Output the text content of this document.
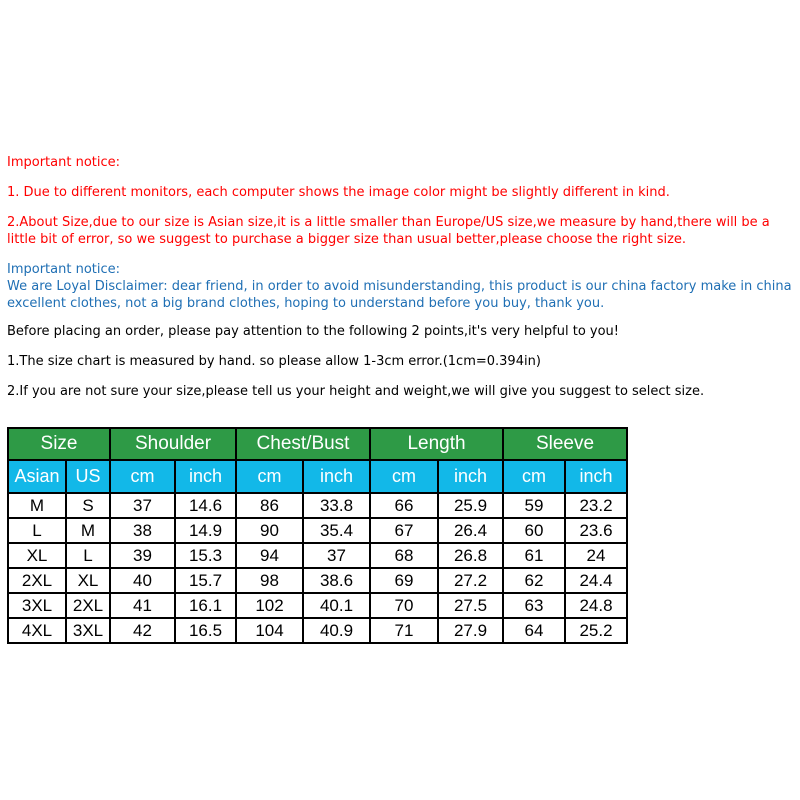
Important notice:
1. Due to different monitors, each computer shows the image color might be slightly different in kind.
2.About Size,due to our size is Asian size,it is a little smaller than Europe/US size,we measure by hand,there will be a little bit of error, so we suggest to purchase a bigger size than usual better,please choose the right size.
Important notice:
We are Loyal Disclaimer: dear friend, in order to avoid misunderstanding, this product is our china factory make in china excellent clothes, not a big brand clothes, hoping to understand before you buy, thank you.
Before placing an order, please pay attention to the following 2 points,it's very helpful to you!
1.The size chart is measured by hand. so please allow 1-3cm error.(1cm=0.394in)
2.If you are not sure your size,please tell us your height and weight,we will give you suggest to select size.
Size		Shoulder		Chest/Bust		Length		Sleeve	
Asian	US	cm	inch	cm	inch	cm	inch	cm	inch
M	S	37	14.6	86	33.8	66	25.9	59	23.2
L	M	38	14.9	90	35.4	67	26.4	60	23.6
XL	L	39	15.3	94	37	68	26.8	61	24
2XL	XL	40	15.7	98	38.6	69	27.2	62	24.4
3XL	2XL	41	16.1	102	40.1	70	27.5	63	24.8
4XL	3XL	42	16.5	104	40.9	71	27.9	64	25.2
